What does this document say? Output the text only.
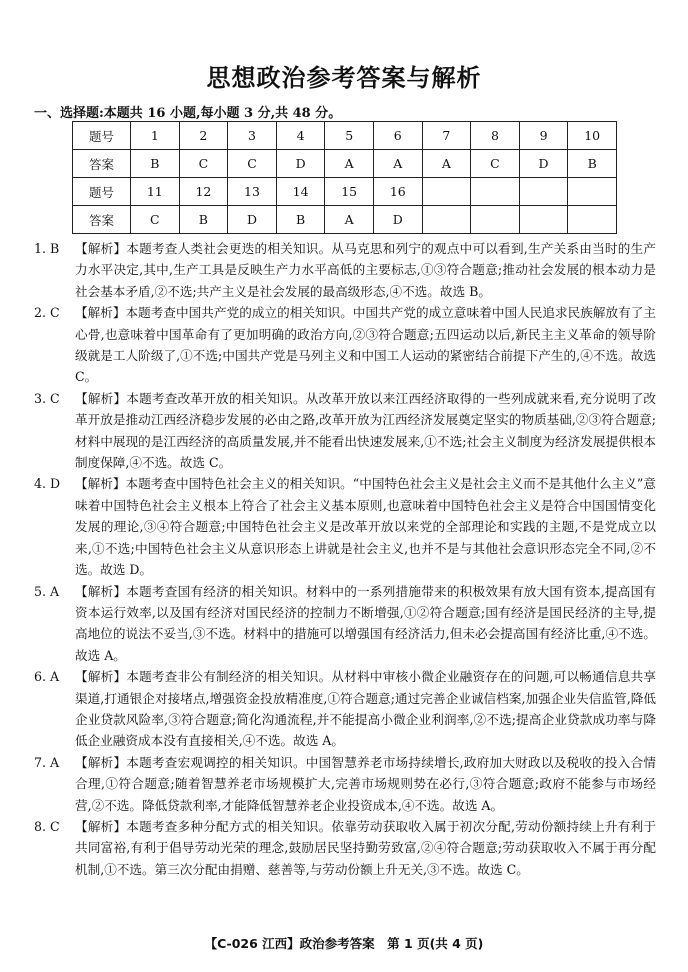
思想政治参考答案与解析
一、选择题:本题共 16 小题,每小题 3 分,共 48 分。
题号	1	2	3	4	5	6	7	8	9	10
答案	B	C	C	D	A	A	A	C	D	B
题号	11	12	13	14	15	16				
答案	C	B	D	B	A	D				
1. B 【解析】本题考查人类社会更迭的相关知识。从马克思和列宁的观点中可以看到,生产关系由当时的生产力水平决定,其中,生产工具是反映生产力水平高低的主要标志,①③符合题意;推动社会发展的根本动力是社会基本矛盾,②不选;共产主义是社会发展的最高级形态,④不选。故选 B。
2. C 【解析】本题考查中国共产党的成立的相关知识。中国共产党的成立意味着中国人民追求民族解放有了主心骨,也意味着中国革命有了更加明确的政治方向,②③符合题意;五四运动以后,新民主主义革命的领导阶级就是工人阶级了,①不选;中国共产党是马列主义和中国工人运动的紧密结合前提下产生的,④不选。故选 C。
3. C 【解析】本题考查改革开放的相关知识。从改革开放以来江西经济取得的一些列成就来看,充分说明了改革开放是推动江西经济稳步发展的必由之路,改革开放为江西经济发展奠定坚实的物质基础,②③符合题意;材料中展现的是江西经济的高质量发展,并不能看出快速发展来,①不选;社会主义制度为经济发展提供根本制度保障,④不选。故选 C。
4. D 【解析】本题考查中国特色社会主义的相关知识。“中国特色社会主义是社会主义而不是其他什么主义”意味着中国特色社会主义根本上符合了社会主义基本原则,也意味着中国特色社会主义是符合中国国情变化发展的理论,③④符合题意;中国特色社会主义是改革开放以来党的全部理论和实践的主题,不是党成立以来,①不选;中国特色社会主义从意识形态上讲就是社会主义,也并不是与其他社会意识形态完全不同,②不选。故选 D。
5. A 【解析】本题考查国有经济的相关知识。材料中的一系列措施带来的积极效果有放大国有资本,提高国有资本运行效率,以及国有经济对国民经济的控制力不断增强,①②符合题意;国有经济是国民经济的主导,提高地位的说法不妥当,③不选。材料中的措施可以增强国有经济活力,但未必会提高国有经济比重,④不选。故选 A。
6. A 【解析】本题考查非公有制经济的相关知识。从材料中审核小微企业融资存在的问题,可以畅通信息共享渠道,打通银企对接堵点,增强资金投放精准度,①符合题意;通过完善企业诚信档案,加强企业失信监管,降低企业贷款风险率,③符合题意;简化沟通流程,并不能提高小微企业利润率,②不选;提高企业贷款成功率与降低企业融资成本没有直接相关,④不选。故选 A。
7. A 【解析】本题考查宏观调控的相关知识。中国智慧养老市场持续增长,政府加大财政以及税收的投入合情合理,①符合题意;随着智慧养老市场规模扩大,完善市场规则势在必行,③符合题意;政府不能参与市场经营,②不选。降低贷款利率,才能降低智慧养老企业投资成本,④不选。故选 A。
8. C 【解析】本题考查多种分配方式的相关知识。依靠劳动获取收入属于初次分配,劳动份额持续上升有利于共同富裕,有利于倡导劳动光荣的理念,鼓励居民坚持勤劳致富,②④符合题意;劳动获取收入不属于再分配机制,①不选。第三次分配由捐赠、慈善等,与劳动份额上升无关,③不选。故选 C。
【C-026 江西】政治参考答案　第 1 页(共 4 页)
